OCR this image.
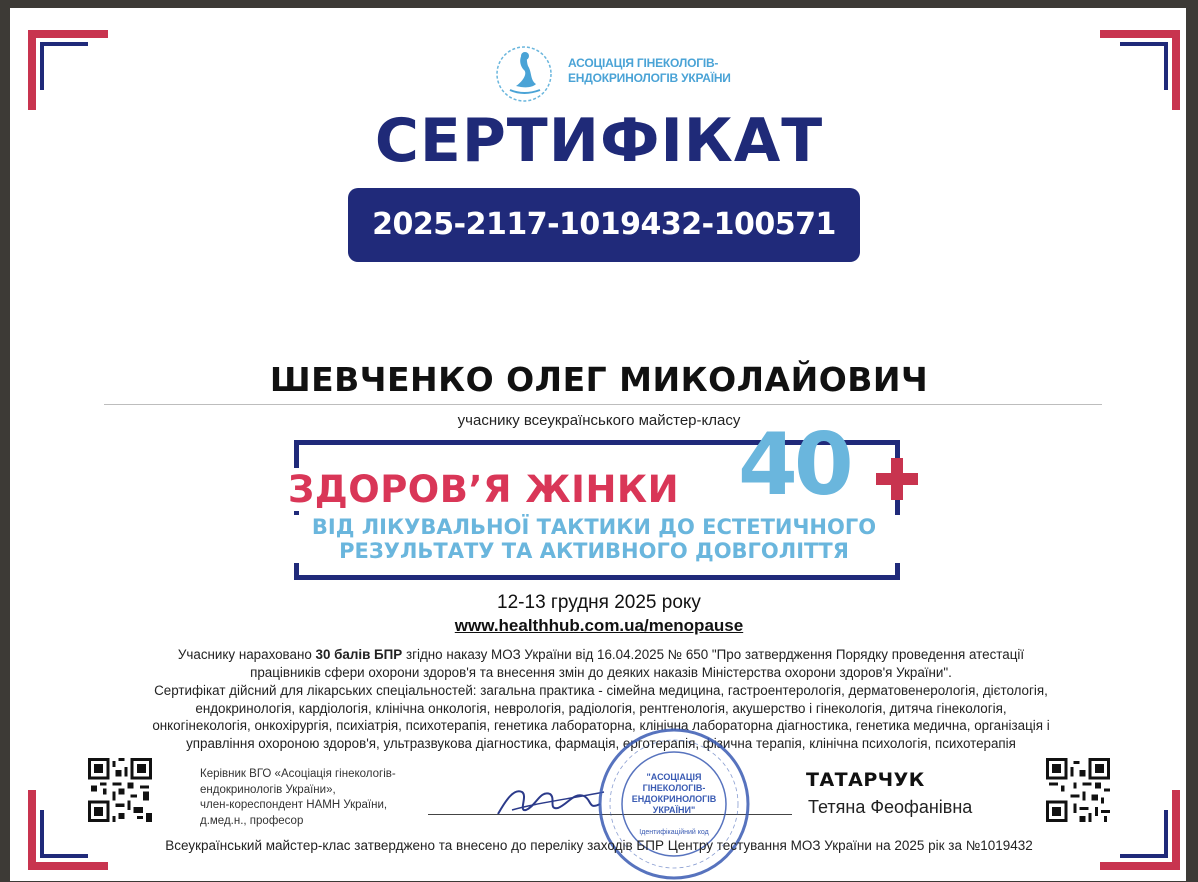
АСОЦІАЦІЯ ГІНЕКОЛОГІВ-
ЕНДОКРИНОЛОГІВ УКРАЇНИ
СЕРТИФІКАТ
2025-2117-1019432-100571
ШЕВЧЕНКО ОЛЕГ МИКОЛАЙОВИЧ
учаснику всеукраїнського майстер-класу
40
ЗДОРОВ’Я ЖІНКИ
ВІД ЛІКУВАЛЬНОЇ ТАКТИКИ ДО ЕСТЕТИЧНОГО
РЕЗУЛЬТАТУ ТА АКТИВНОГО ДОВГОЛІТТЯ
12-13 грудня 2025 року
www.healthhub.com.ua/menopause
Учаснику нараховано 30 балів БПР згідно наказу МОЗ України від 16.04.2025 № 650 "Про затвердження Порядку проведення атестації
працівників сфери охорони здоров'я та внесення змін до деяких наказів Міністерства охорони здоров'я України".
Сертифікат дійсний для лікарських спеціальностей: загальна практика - сімейна медицина, гастроентерологія, дерматовенерологія, дієтологія,
ендокринологія, кардіологія, клінічна онкологія, неврологія, радіологія, рентгенологія, акушерство і гінекологія, дитяча гінекологія,
онкогінекологія, онкохірургія, психіатрія, психотерапія, генетика лабораторна, клінічна лабораторна діагностика, генетика медична, організація і
управління охороною здоров'я, ультразвукова діагностика, фармація, ерготерапія, фізична терапія, клінічна психологія, психотерапія
Керівник ВГО «Асоціація гінекологів-
ендокринологів України»,
член-кореспондент НАМН України,
д.мед.н., професор
"АСОЦІАЦІЯ
ГІНЕКОЛОГІВ-
ЕНДОКРИНОЛОГІВ
УКРАЇНИ"
Ідентифікаційний код
ТАТАРЧУК
Тетяна Феофанівна
Всеукраїнський майстер-клас затверджено та внесено до переліку заходів БПР Центру тестування МОЗ України на 2025 рік за №1019432
